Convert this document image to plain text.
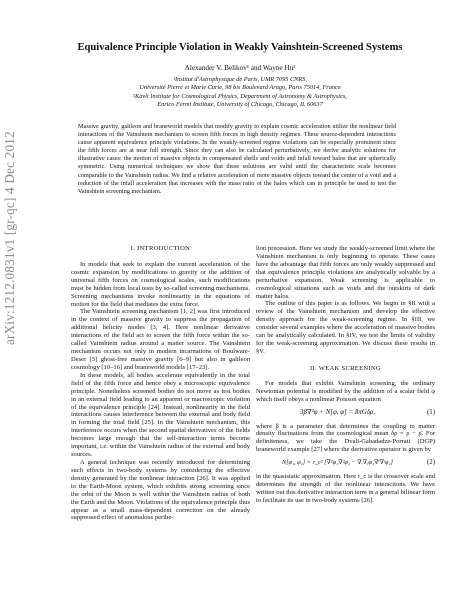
arXiv:1212.0831v1 [gr-qc] 4 Dec 2012
Equivalence Principle Violation in Weakly Vainshtein-Screened Systems
Alexander V. Belikov¹ and Wayne Hu²
¹Institut d'Astrophysique de Paris, UMR 7095 CNRS,
Université Pierre et Marie Curie, 98 bis Boulevard Arago, Paris 75014, France
²Kavli Institute for Cosmological Physics, Department of Astronomy & Astrophysics,
Enrico Fermi Institute, University of Chicago, Chicago, IL 60637
Massive gravity, galileon and braneworld models that modify gravity to explain cosmic acceleration utilize the nonlinear field interactions of the Vainshtein mechanism to screen fifth forces in high density regimes. These source-dependent interactions cause apparent equivalence principle violations. In the weakly-screened regime violations can be especially prominent since the fifth forces are at near full strength. Since they can also be calculated perturbatively, we derive analytic solutions for illustrative cases: the motion of massive objects in compensated shells and voids and infall toward halos that are spherically symmetric. Using numerical techniques we show that these solutions are valid until the characteristic scale becomes comparable to the Vainshtein radius. We find a relative acceleration of more massive objects toward the center of a void and a reduction of the infall acceleration that increases with the mass ratio of the halos which can in principle be used to test the Vainshtein screening mechanism.
I. INTRODUCTION

In models that seek to explain the current acceleration of the cosmic expansion by modifications to gravity or the addition of universal fifth forces on cosmological scales, such modifications must be hidden from local tests by so-called screening mechanisms. Screening mechanisms invoke nonlinearity in the equations of motion for the field that mediates the extra force.

The Vainshtein screening mechanism [1, 2] was first introduced in the context of massive gravity to suppress the propagation of additional helicity modes [3, 4]. Here nonlinear derivative interactions of the field act to screen the fifth force within the so-called Vainshtein radius around a matter source. The Vainshtein mechanism occurs not only in modern incarnations of Boulware-Deser [5] ghost-free massive gravity [6–9] but also in galileon cosmology [10–16] and braneworld models [17–23].

In these models, all bodies accelerate equivalently in the total field of the fifth force and hence obey a microscopic equivalence principle. Nonetheless screened bodies do not move as test bodies in an external field leading to an apparent or macroscopic violation of the equivalence principle [24]. Instead, nonlinearity in the field interactions causes interference between the external and body field in forming the total field [25]. In the Vainshtein mechanism, this interference occurs when the second spatial derivatives of the fields becomes large enough that the self-interaction terms become important, i.e. within the Vainshtein radius of the external and body sources.

A general technique was recently introduced for determining such effects in two-body systems by considering the effective density generated by the nonlinear interaction [26]. It was applied to the Earth-Moon system, which exhibits strong screening since the orbit of the Moon is well within the Vainshtein radius of both the Earth and the Moon. Violations of the equivalence principle thus appear as a small mass-dependent correction on the already suppressed effect of anomalous perihe-

lion precession. Here we study the weakly-screened limit where the Vainshtein mechanism is only beginning to operate. These cases have the advantage that fifth forces are only weakly suppressed and that equivalence principle violations are analytically solvable by a perturbative expansion. Weak screening is applicable to cosmological situations such as voids and the outskirts of dark matter halos.

The outline of this paper is as follows. We begin in §II with a review of the Vainshtein mechanism and develop the effective density approach for the weak-screening regime. In §III, we consider several examples where the acceleration of massive bodies can be analytically calculated. In §IV, we test the limits of validity for the weak-screening approximation. We discuss these results in §V.

II. WEAK SCREENING

For models that exhibit Vainshtein screening, the ordinary Newtonian potential is modified by the addition of a scalar field φ which itself obeys a nonlinear Poisson equation

3β∇²φ + N[φ, φ] = 8πGδρ,	(1)

where β is a parameter that determines the coupling to matter density fluctuations from the cosmological mean δρ = ρ − ρ̄. For definiteness, we take the Dvali-Gabadadze-Porrati (DGP) braneworld example [27] where the derivative operator is given by

N[φ₁, φ₂] = r_c² [∇²φ₁∇²φ₂ − ∇ᵢ∇ⱼφ₁∇ⁱ∇ʲφ₂]	(2)

in the quasistatic approximation. Here r_c is the crossover scale and determines the strength of the nonlinear interactions. We have written out this derivative interaction term in a general bilinear form to facilitate its use in two-body systems [26].
